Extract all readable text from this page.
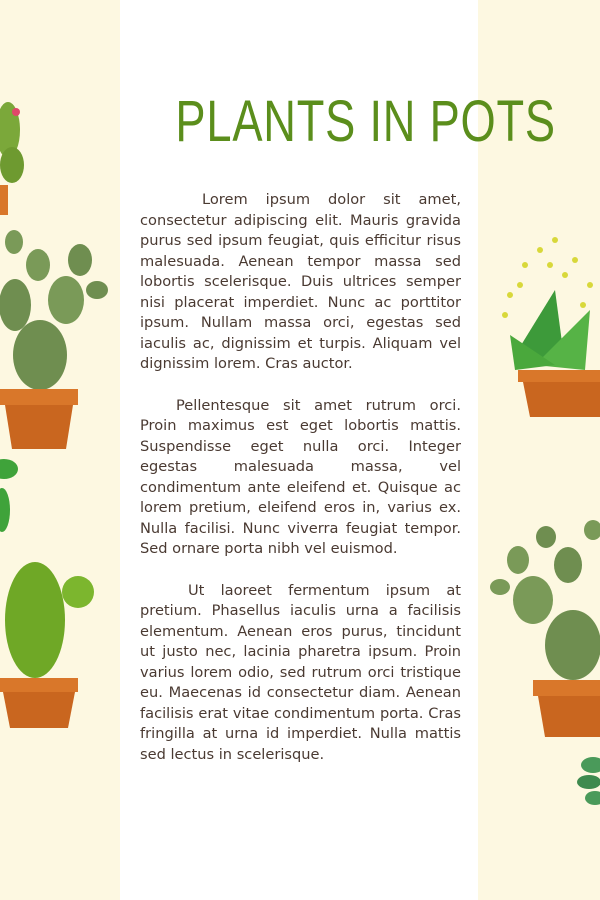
PLANTS IN POTS

Lorem ipsum dolor sit amet, consectetur adipiscing elit. Mauris gravida purus sed ipsum feugiat, quis efficitur risus malesuada. Aenean tempor massa sed lobortis scelerisque. Duis ultrices semper nisi placerat imperdiet. Nunc ac porttitor ipsum. Nullam massa orci, egestas sed iaculis ac, dignissim et turpis. Aliquam vel dignissim lorem. Cras auctor.

Pellentesque sit amet rutrum orci. Proin maximus est eget lobortis mattis. Suspendisse eget nulla orci. Integer egestas malesuada massa, vel condimentum ante eleifend et. Quisque ac lorem pretium, eleifend eros in, varius ex. Nulla facilisi. Nunc viverra feugiat tempor. Sed ornare porta nibh vel euismod.

Ut laoreet fermentum ipsum at pretium. Phasellus iaculis urna a facilisis elementum. Aenean eros purus, tincidunt ut justo nec, lacinia pharetra ipsum. Proin varius lorem odio, sed rutrum orci tristique eu. Maecenas id consectetur diam. Aenean facilisis erat vitae condimentum porta. Cras fringilla at urna id imperdiet. Nulla mattis sed lectus in scelerisque.
